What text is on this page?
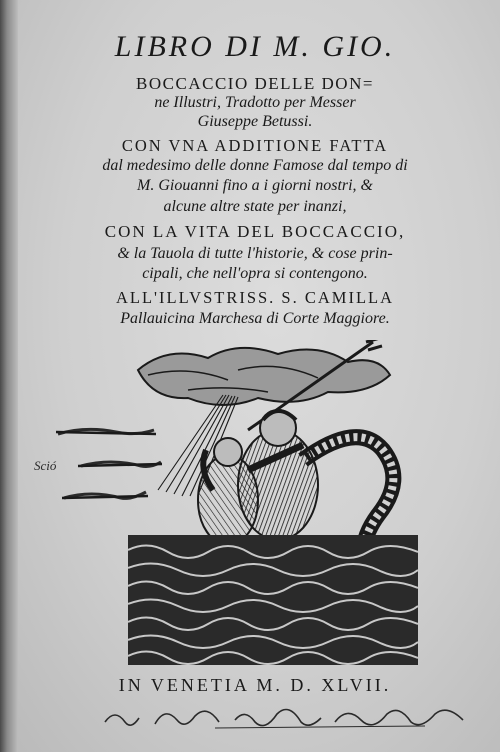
LIBRO DI M. GIO.
BOCCACCIO DELLE DON=
ne Illustri, Tradotto per Messer
Giuseppe Betussi.
CON VNA ADDITIONE FATTA
dal medesimo delle donne Famose dal tempo di
M. Giouanni fino a i giorni nostri, &
alcune altre state per inanzi,
CON LA VITA DEL BOCCACCIO,
& la Tauola di tutte l'historie, & cose prin-
cipali, che nell'opra si contengono.
ALL'ILLVSTRISS. S. CAMILLA
Pallauicina Marchesa di Corte Maggiore.
Sció
IN VENETIA M. D. XLVII.
